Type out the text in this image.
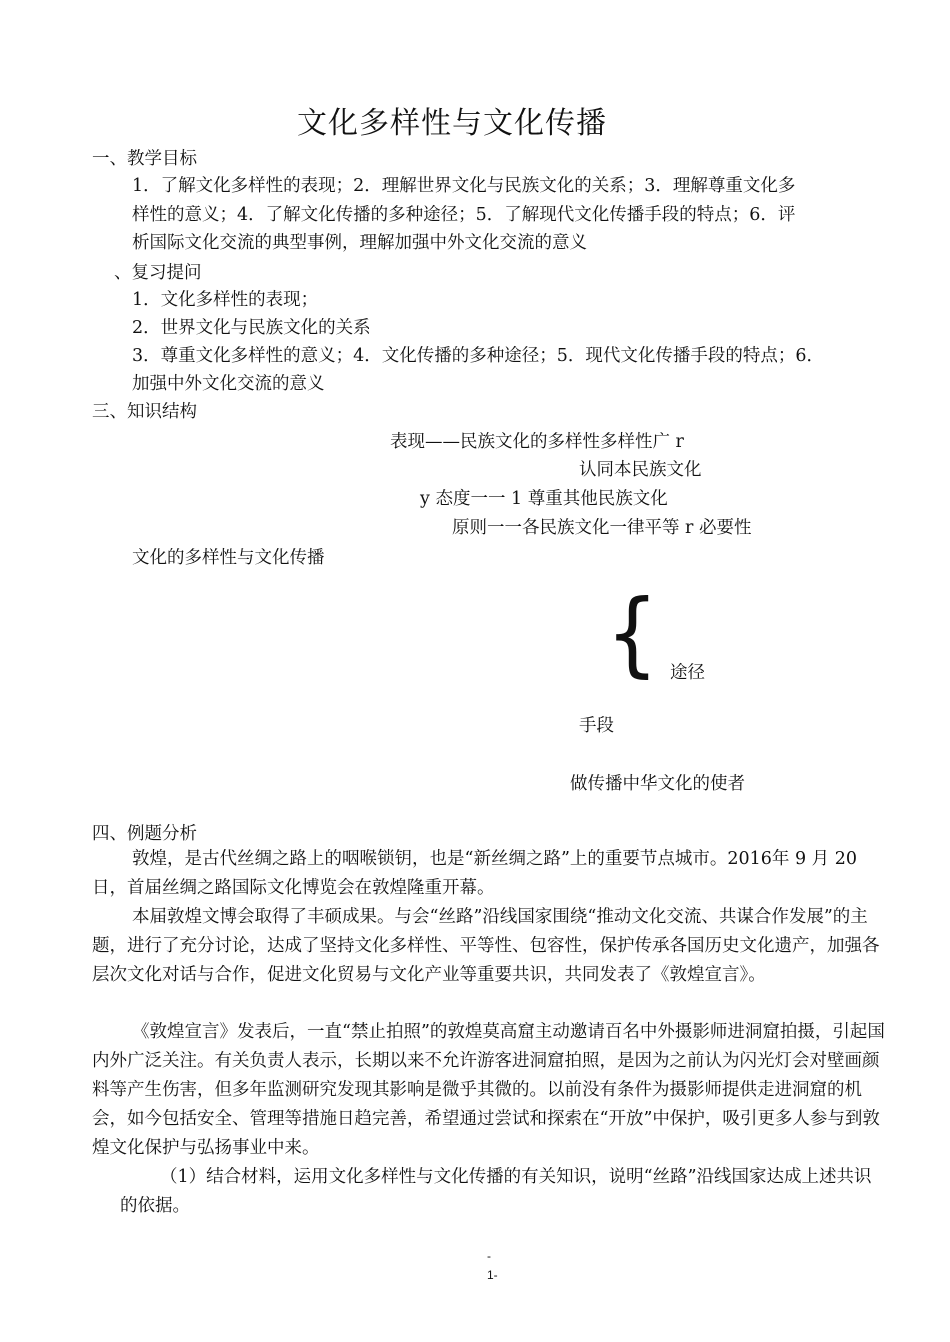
文化多样性与文化传播
一、教学目标
1．了解文化多样性的表现；2．理解世界文化与民族文化的关系；3．理解尊重文化多
样性的意义；4．了解文化传播的多种途径；5．了解现代文化传播手段的特点；6．评
析国际文化交流的典型事例，理解加强中外文化交流的意义
、复习提问
1．文化多样性的表现；
2．世界文化与民族文化的关系
3．尊重文化多样性的意义；4．文化传播的多种途径；5．现代文化传播手段的特点；6．
加强中外文化交流的意义
三、知识结构
表现——民族文化的多样性多样性广 r
认同本民族文化
y 态度一一 1 尊重其他民族文化
原则一一各民族文化一律平等 r 必要性
文化的多样性与文化传播
{ 途径
手段
做传播中华文化的使者
四、例题分析
敦煌，是古代丝绸之路上的咽喉锁钥，也是“新丝绸之路”上的重要节点城市。2016年 9 月 20 日，首届丝绸之路国际文化博览会在敦煌隆重开幕。
本届敦煌文博会取得了丰硕成果。与会“丝路”沿线国家围绕“推动文化交流、共谋合作发展”的主题，进行了充分讨论，达成了坚持文化多样性、平等性、包容性，保护传承各国历史文化遗产，加强各层次文化对话与合作，促进文化贸易与文化产业等重要共识，共同发表了《敦煌宣言》。
《敦煌宣言》发表后，一直“禁止拍照”的敦煌莫高窟主动邀请百名中外摄影师进洞窟拍摄，引起国内外广泛关注。有关负责人表示，长期以来不允许游客进洞窟拍照，是因为之前认为闪光灯会对壁画颜料等产生伤害，但多年监测研究发现其影响是微乎其微的。以前没有条件为摄影师提供走进洞窟的机会，如今包括安全、管理等措施日趋完善，希望通过尝试和探索在“开放”中保护，吸引更多人参与到敦煌文化保护与弘扬事业中来。
（1）结合材料，运用文化多样性与文化传播的有关知识，说明“丝路”沿线国家达成上述共识的依据。
-
1-
